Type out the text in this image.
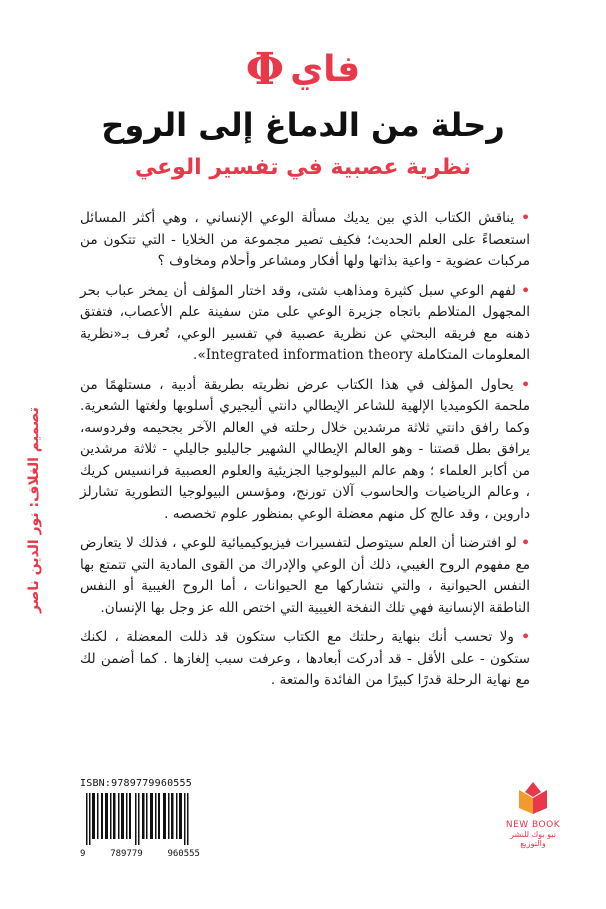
فاي
Φ
رحلة من الدماغ إلى الروح
نظرية عصبية في تفسير الوعي

• يناقش الكتاب الذي بين يديك مسألة الوعي الإنساني ، وهي أكثر المسائل استعصاءً على العلم الحديث؛ فكيف تصير مجموعة من الخلايا - التي تتكون من مركبات عضوية - واعية بذاتها ولها أفكار ومشاعر وأحلام ومخاوف ؟

• لفهم الوعي سبل كثيرة ومذاهب شتى، وقد اختار المؤلف أن يمخر عباب بحر المجهول المتلاطم باتجاه جزيرة الوعي على متن سفينة علم الأعصاب، فتفتق ذهنه مع فريقه البحثي عن نظرية عصبية في تفسير الوعي، تُعرف بـ«نظرية المعلومات المتكاملة Integrated information theory».

• يحاول المؤلف في هذا الكتاب عرض نظريته بطريقة أدبية ، مستلهمًا من ملحمة الكوميديا الإلهية للشاعر الإيطالي دانتي أليجيري أسلوبها ولغتها الشعرية. وكما رافق دانتي ثلاثة مرشدين خلال رحلته في العالم الآخر بجحيمه وفردوسه، يرافق بطل قصتنا - وهو العالم الإيطالي الشهير جاليليو جاليلي - ثلاثة مرشدين من أكابر العلماء ؛ وهم عالم البيولوجيا الجزيئية والعلوم العصبية فرانسيس كريك ، وعالم الرياضيات والحاسوب آلان تورنج، ومؤسس البيولوجيا التطورية تشارلز داروين ، وقد عالج كل منهم معضلة الوعي بمنظور علوم تخصصه .

• لو افترضنا أن العلم سيتوصل لتفسيرات فيزيوكيميائية للوعي ، فذلك لا يتعارض مع مفهوم الروح الغيبي، ذلك أن الوعي والإدراك من القوى المادية التي تتمتع بها النفس الحيوانية ، والتي نتشاركها مع الحيوانات ، أما الروح الغيبية أو النفس الناطقة الإنسانية فهي تلك النفخة الغيبية التي اختص الله عز وجل بها الإنسان.

• ولا تحسب أنك بنهاية رحلتك مع الكتاب ستكون قد ذللت المعضلة ، لكنك ستكون - على الأقل - قد أدركت أبعادها ، وعرفت سبب إلغازها . كما أضمن لك مع نهاية الرحلة قدرًا كبيرًا من الفائدة والمتعة .

تصميم الغلاف: نور الدين ناصر
ISBN:9789779960555
9	789779	960555
NEW BOOK
نيو بوك للنشر والتوزيع
